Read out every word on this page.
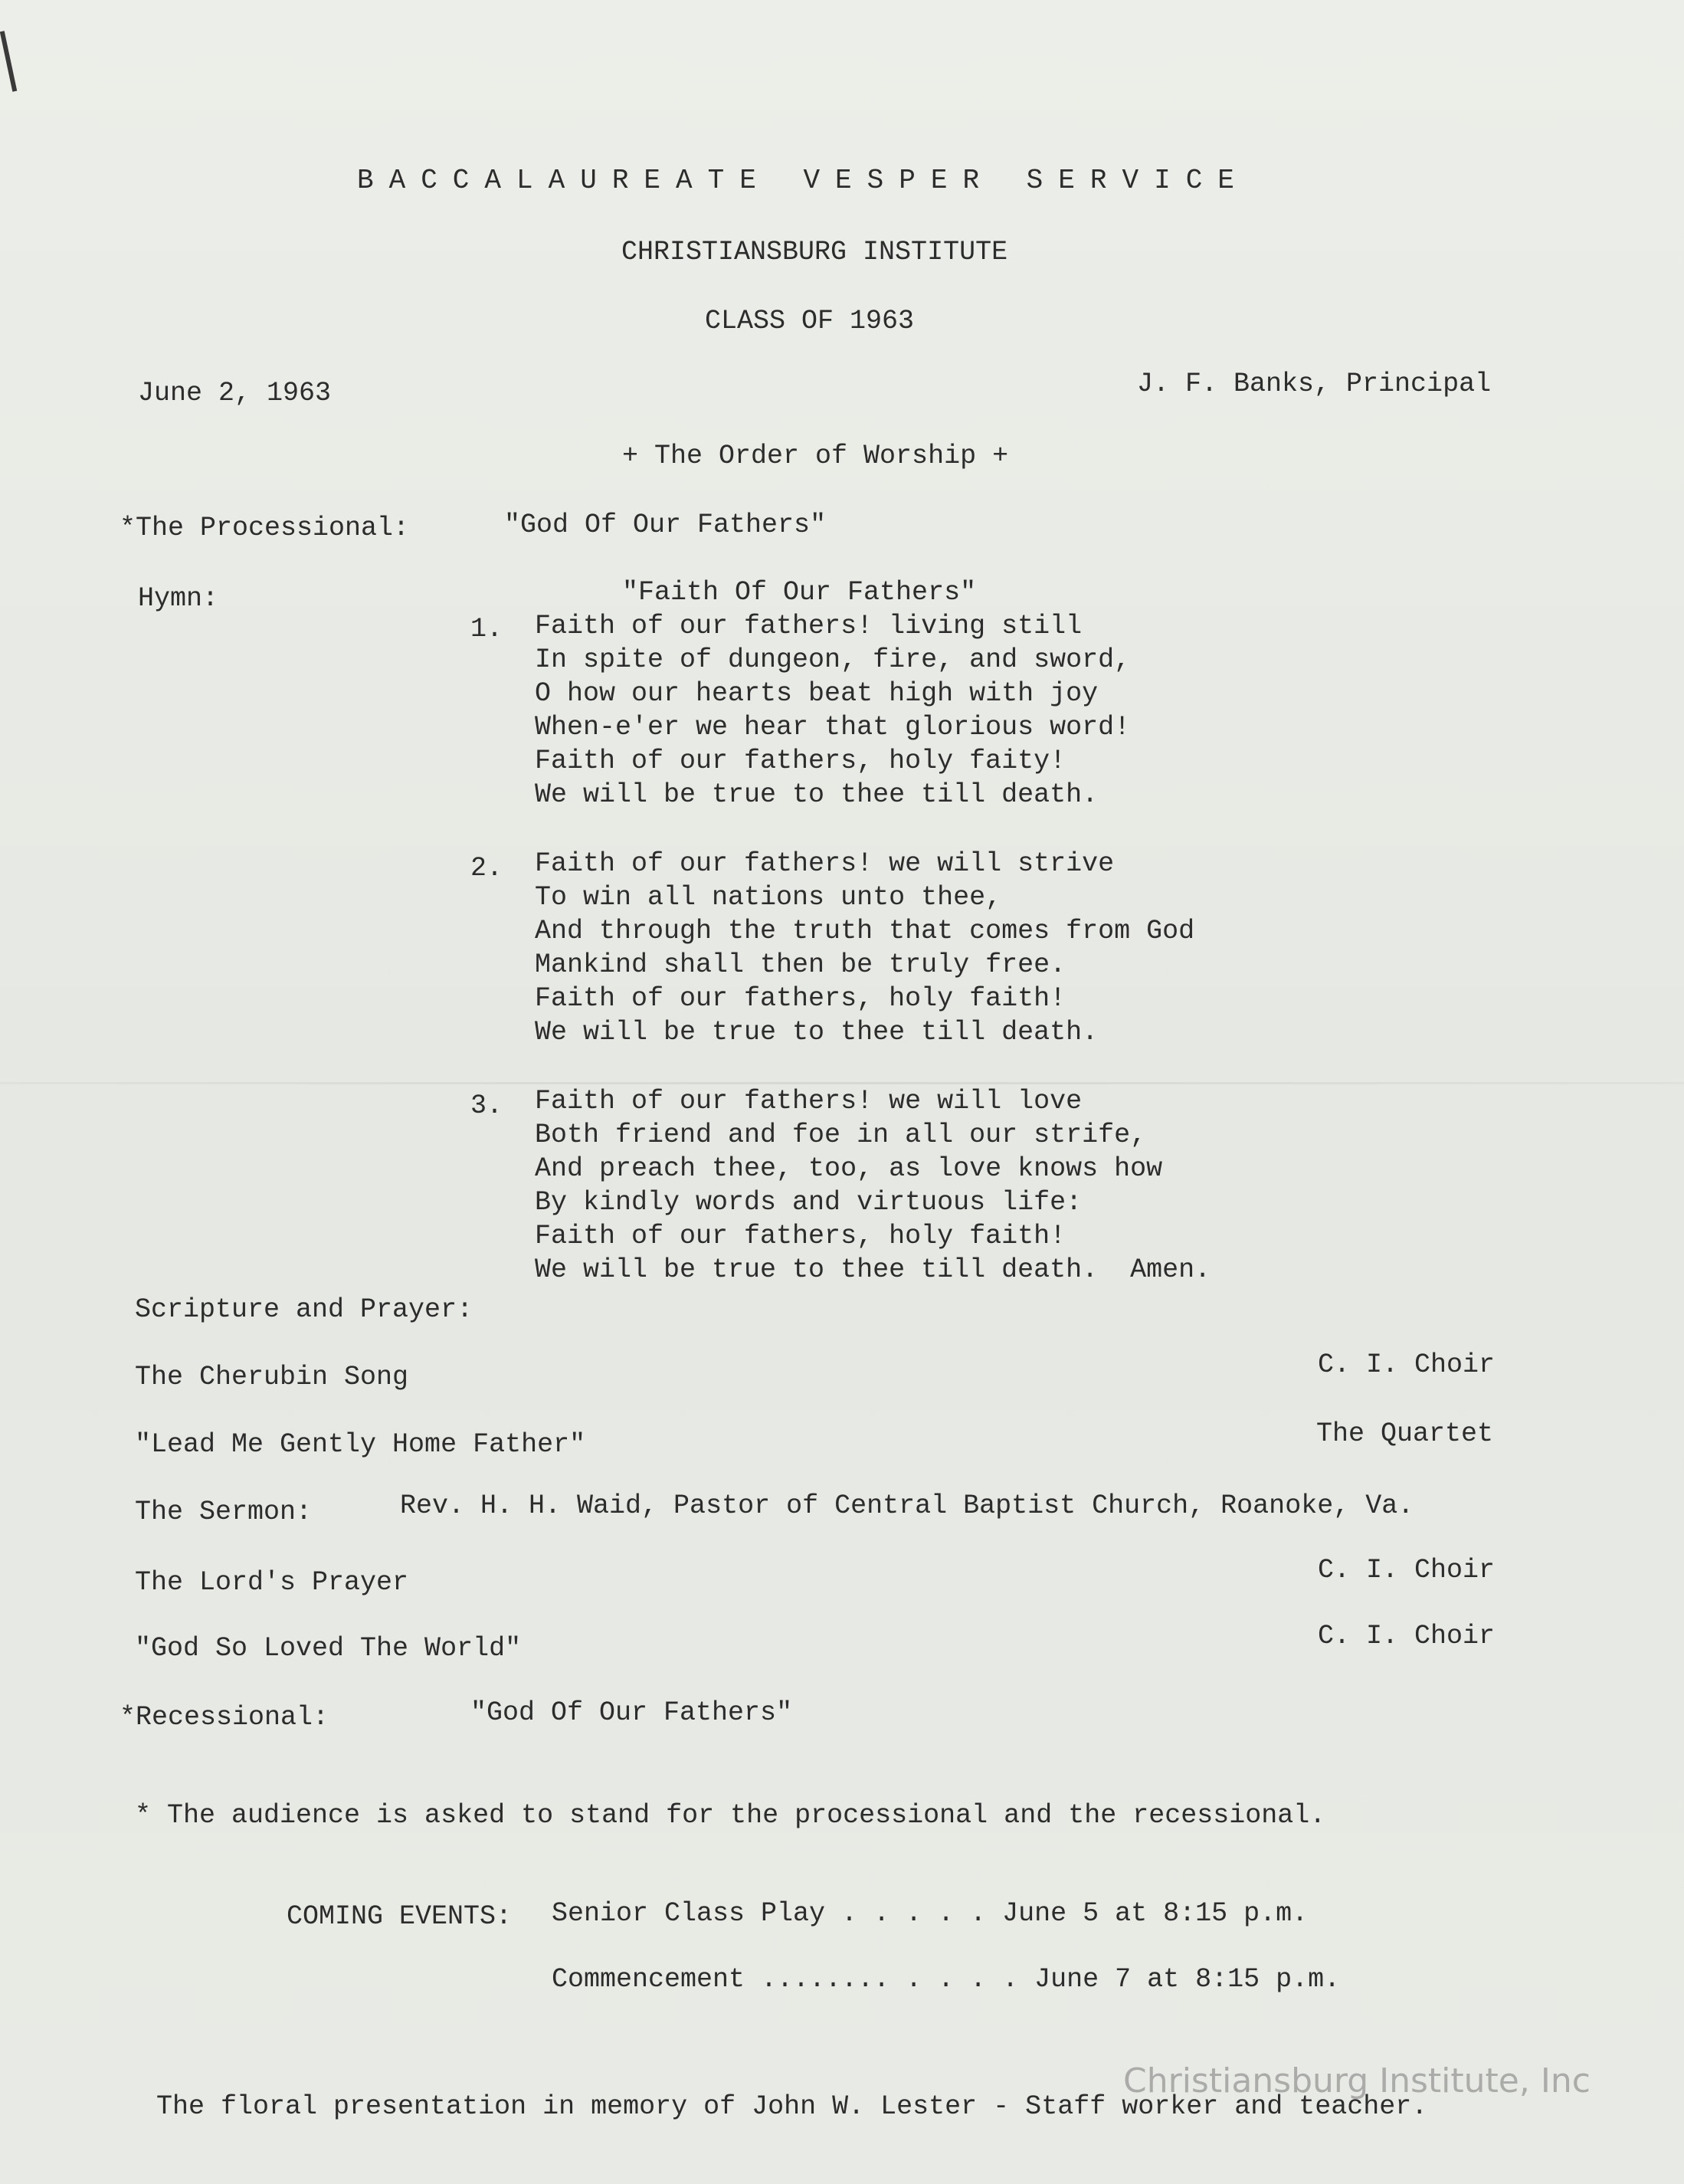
BACCALAUREATE VESPER SERVICE
CHRISTIANSBURG INSTITUTE
CLASS OF 1963
June 2, 1963	J. F. Banks, Principal
+ The Order of Worship +
*The Processional:	"God Of Our Fathers"
Hymn:	"Faith Of Our Fathers"
1. Faith of our fathers! living still
In spite of dungeon, fire, and sword,
O how our hearts beat high with joy
When-e'er we hear that glorious word!
Faith of our fathers, holy faity!
We will be true to thee till death.
2. Faith of our fathers! we will strive
To win all nations unto thee,
And through the truth that comes from God
Mankind shall then be truly free.
Faith of our fathers, holy faith!
We will be true to thee till death.
3. Faith of our fathers! we will love
Both friend and foe in all our strife,
And preach thee, too, as love knows how
By kindly words and virtuous life:
Faith of our fathers, holy faith!
We will be true to thee till death.  Amen.
Scripture and Prayer:
The Cherubin Song	C. I. Choir
"Lead Me Gently Home Father"	The Quartet
The Sermon:	Rev. H. H. Waid, Pastor of Central Baptist Church, Roanoke, Va.
The Lord's Prayer	C. I. Choir
"God So Loved The World"	C. I. Choir
*Recessional:	"God Of Our Fathers"
* The audience is asked to stand for the processional and the recessional.
COMING EVENTS: Senior Class Play . . . . . June 5 at 8:15 p.m.
Commencement ........ . . . . June 7 at 8:15 p.m.
The floral presentation in memory of John W. Lester - Staff worker and teacher.
Christiansburg Institute, Inc
